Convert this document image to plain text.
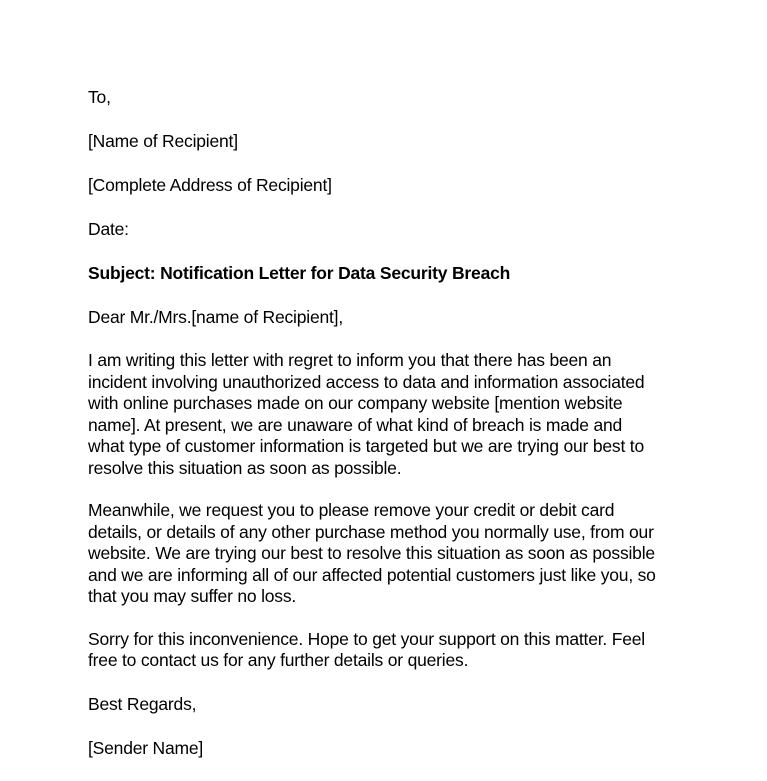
To,
[Name of Recipient]
[Complete Address of Recipient]
Date:
Subject: Notification Letter for Data Security Breach
Dear Mr./Mrs.[name of Recipient],
I am writing this letter with regret to inform you that there has been an
incident involving unauthorized access to data and information associated
with online purchases made on our company website [mention website
name]. At present, we are unaware of what kind of breach is made and
what type of customer information is targeted but we are trying our best to
resolve this situation as soon as possible.
Meanwhile, we request you to please remove your credit or debit card
details, or details of any other purchase method you normally use, from our
website. We are trying our best to resolve this situation as soon as possible
and we are informing all of our affected potential customers just like you, so
that you may suffer no loss.
Sorry for this inconvenience. Hope to get your support on this matter. Feel
free to contact us for any further details or queries.
Best Regards,
[Sender Name]
